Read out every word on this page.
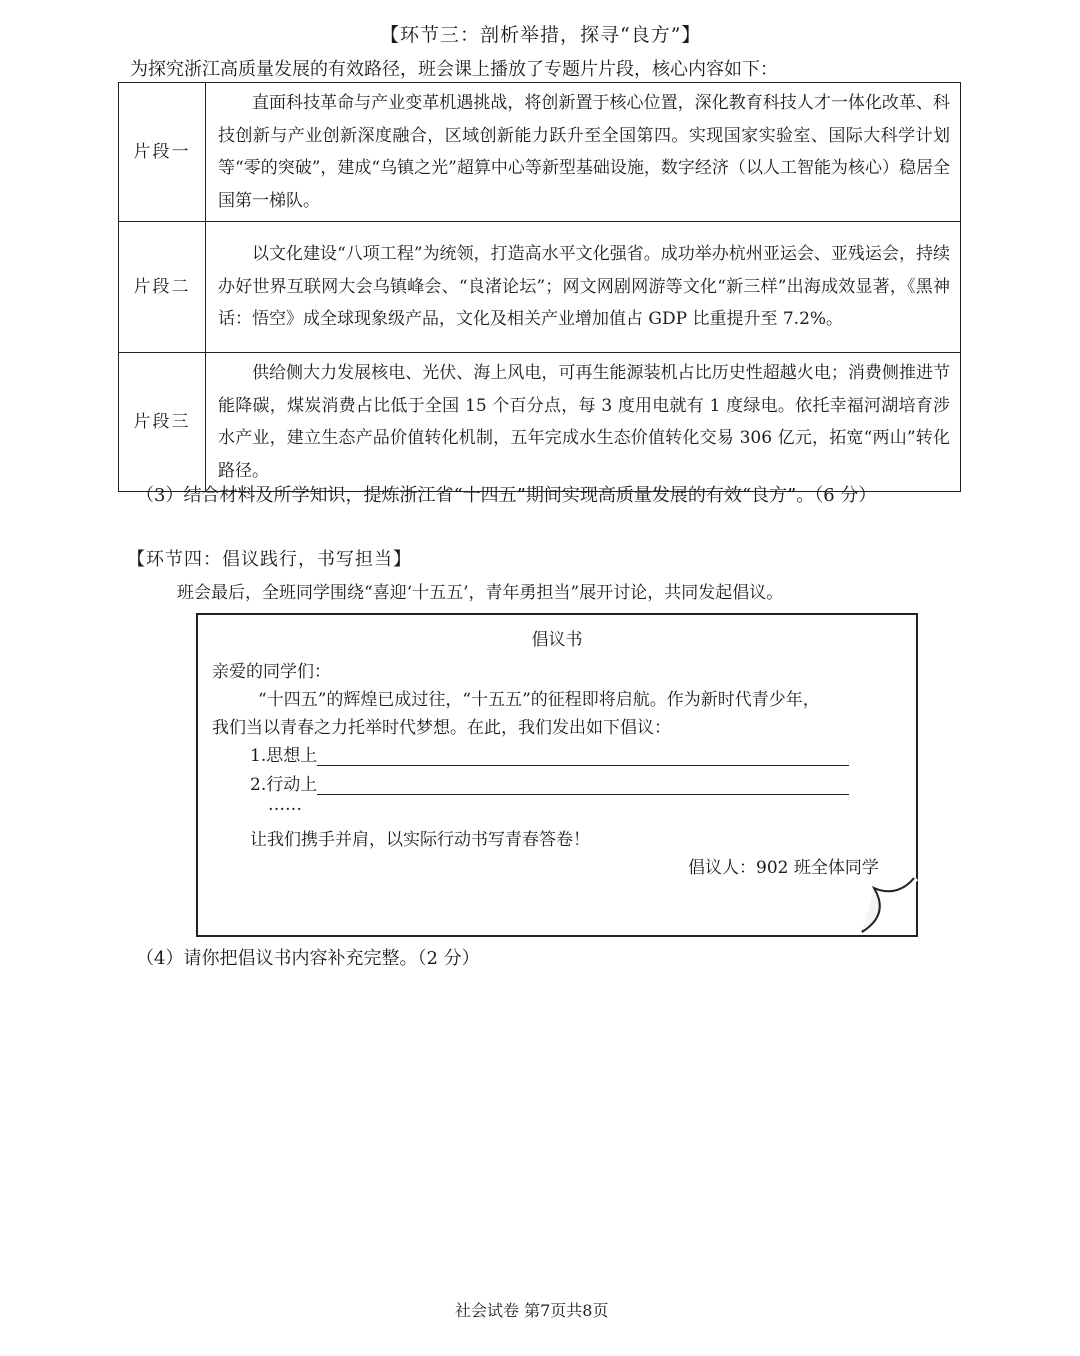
【环节三：剖析举措，探寻“良方”】
为探究浙江高质量发展的有效路径，班会课上播放了专题片片段，核心内容如下：
片段一	直面科技革命与产业变革机遇挑战，将创新置于核心位置，深化教育科技人才一体化改革、科技创新与产业创新深度融合，区域创新能力跃升至全国第四。实现国家实验室、国际大科学计划等“零的突破”，建成“乌镇之光”超算中心等新型基础设施，数字经济（以人工智能为核心）稳居全国第一梯队。
片段二	以文化建设“八项工程”为统领，打造高水平文化强省。成功举办杭州亚运会、亚残运会，持续办好世界互联网大会乌镇峰会、“良渚论坛”；网文网剧网游等文化“新三样”出海成效显著，《黑神话：悟空》成全球现象级产品，文化及相关产业增加值占 GDP 比重提升至 7.2%。
片段三	供给侧大力发展核电、光伏、海上风电，可再生能源装机占比历史性超越火电；消费侧推进节能降碳，煤炭消费占比低于全国 15 个百分点，每 3 度用电就有 1 度绿电。依托幸福河湖培育涉水产业，建立生态产品价值转化机制，五年完成水生态价值转化交易 306 亿元，拓宽“两山”转化路径。
（3）结合材料及所学知识，提炼浙江省“十四五”期间实现高质量发展的有效“良方”。（6 分）
【环节四：倡议践行，书写担当】
班会最后，全班同学围绕“喜迎‘十五五’，青年勇担当”展开讨论，共同发起倡议。
倡议书
亲爱的同学们：
“十四五”的辉煌已成过往，“十五五”的征程即将启航。作为新时代青少年，
我们当以青春之力托举时代梦想。在此，我们发出如下倡议：
1.思想上
2.行动上
……
让我们携手并肩，以实际行动书写青春答卷！
倡议人：902 班全体同学
（4）请你把倡议书内容补充完整。（2 分）
社会试卷 第7页共8页
